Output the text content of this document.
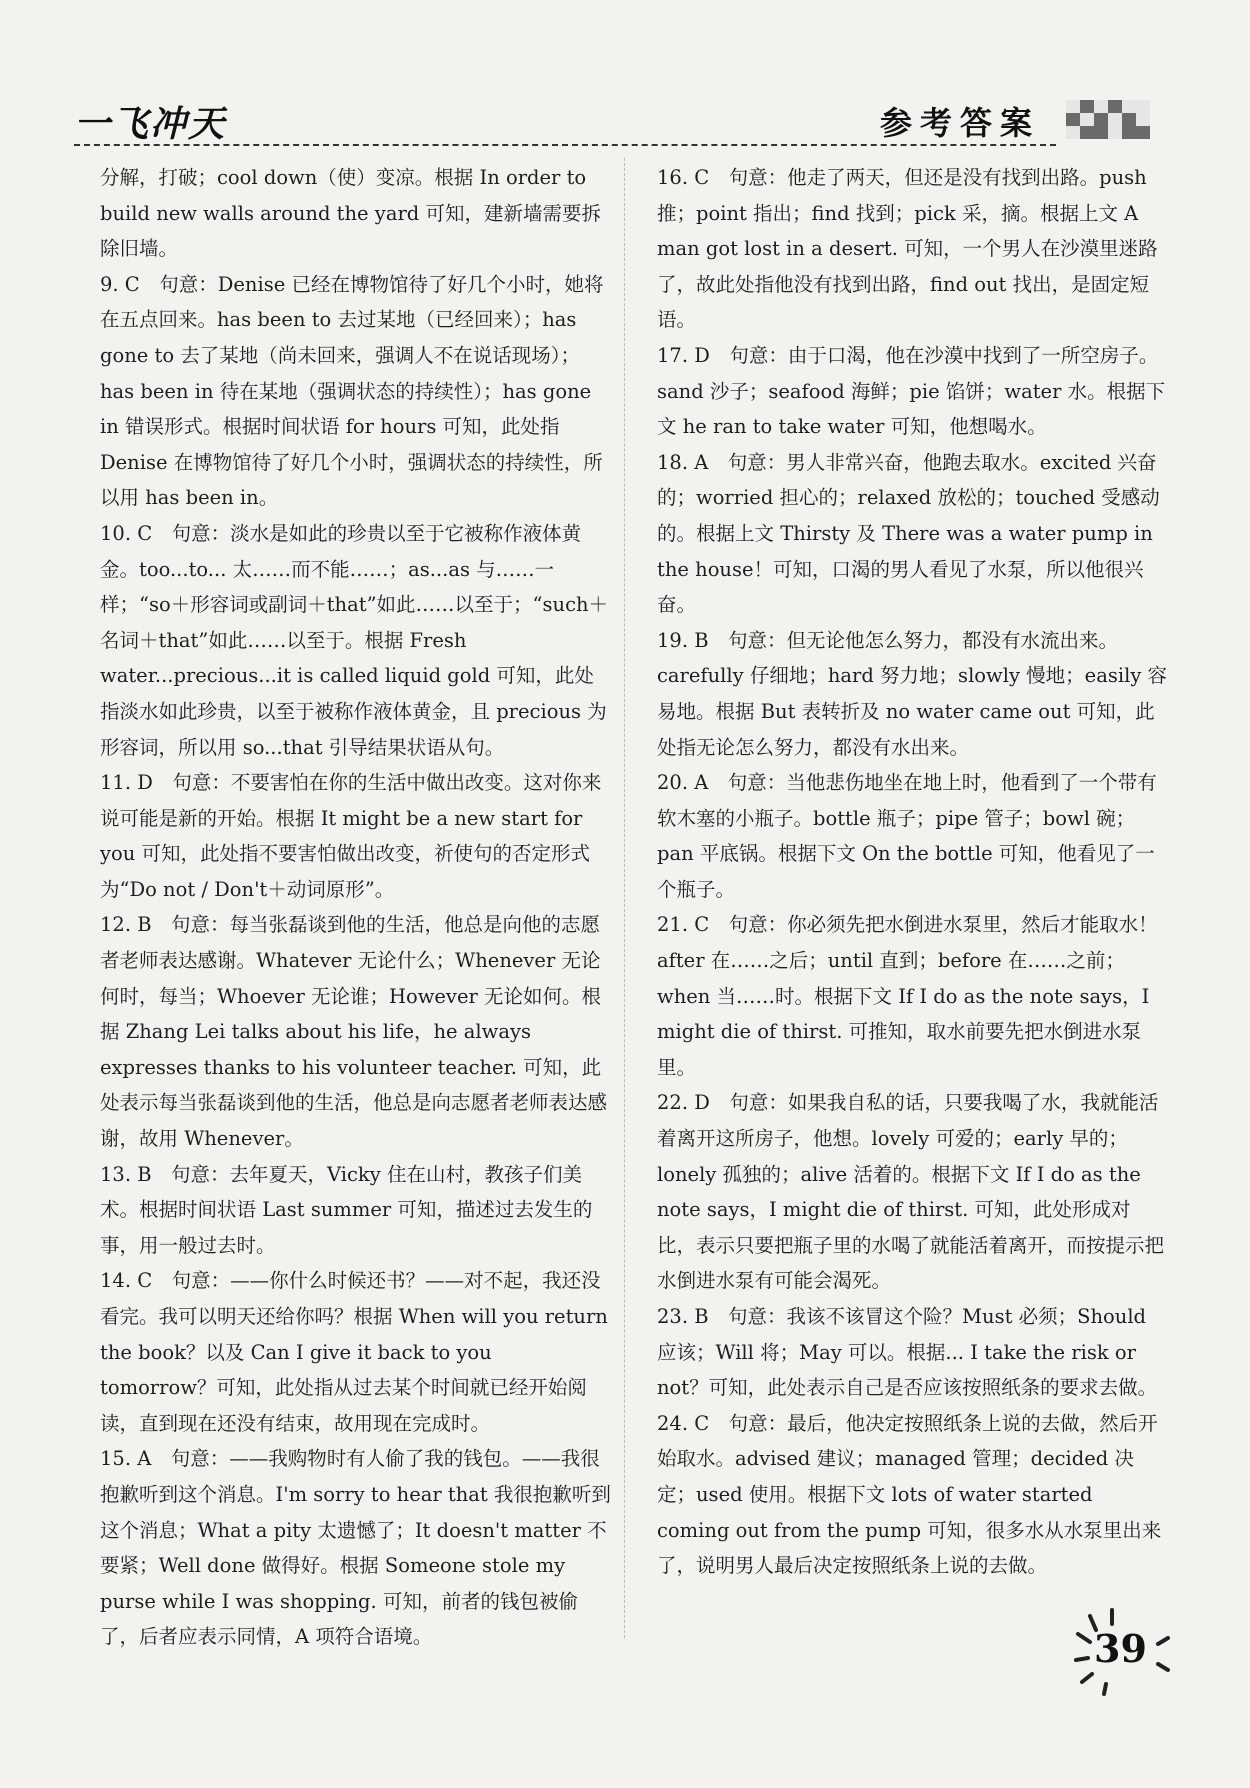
一飞冲天	参考答案

分解，打破；cool down（使）变凉。根据 In order to build new walls around the yard 可知，建新墙需要拆除旧墙。

9. C　句意：Denise 已经在博物馆待了好几个小时，她将在五点回来。has been to 去过某地（已经回来）；has gone to 去了某地（尚未回来，强调人不在说话现场）；has been in 待在某地（强调状态的持续性）；has gone in 错误形式。根据时间状语 for hours 可知，此处指 Denise 在博物馆待了好几个小时，强调状态的持续性，所以用 has been in。

10. C　句意：淡水是如此的珍贵以至于它被称作液体黄金。too...to... 太……而不能……；as...as 与……一样；“so＋形容词或副词＋that”如此……以至于；“such＋名词＋that”如此……以至于。根据 Fresh water...precious...it is called liquid gold 可知，此处指淡水如此珍贵，以至于被称作液体黄金，且 precious 为形容词，所以用 so...that 引导结果状语从句。

11. D　句意：不要害怕在你的生活中做出改变。这对你来说可能是新的开始。根据 It might be a new start for you 可知，此处指不要害怕做出改变，祈使句的否定形式为“Do not / Don't＋动词原形”。

12. B　句意：每当张磊谈到他的生活，他总是向他的志愿者老师表达感谢。Whatever 无论什么；Whenever 无论何时，每当；Whoever 无论谁；However 无论如何。根据 Zhang Lei talks about his life，he always expresses thanks to his volunteer teacher. 可知，此处表示每当张磊谈到他的生活，他总是向志愿者老师表达感谢，故用 Whenever。

13. B　句意：去年夏天，Vicky 住在山村，教孩子们美术。根据时间状语 Last summer 可知，描述过去发生的事，用一般过去时。

14. C　句意：——你什么时候还书？——对不起，我还没看完。我可以明天还给你吗？根据 When will you return the book？以及 Can I give it back to you tomorrow？可知，此处指从过去某个时间就已经开始阅读，直到现在还没有结束，故用现在完成时。

15. A　句意：——我购物时有人偷了我的钱包。——我很抱歉听到这个消息。I'm sorry to hear that 我很抱歉听到这个消息；What a pity 太遗憾了；It doesn't matter 不要紧；Well done 做得好。根据 Someone stole my purse while I was shopping. 可知，前者的钱包被偷了，后者应表示同情，A 项符合语境。

16. C　句意：他走了两天，但还是没有找到出路。push 推；point 指出；find 找到；pick 采，摘。根据上文 A man got lost in a desert. 可知，一个男人在沙漠里迷路了，故此处指他没有找到出路，find out 找出，是固定短语。

17. D　句意：由于口渴，他在沙漠中找到了一所空房子。sand 沙子；seafood 海鲜；pie 馅饼；water 水。根据下文 he ran to take water 可知，他想喝水。

18. A　句意：男人非常兴奋，他跑去取水。excited 兴奋的；worried 担心的；relaxed 放松的；touched 受感动的。根据上文 Thirsty 及 There was a water pump in the house！可知，口渴的男人看见了水泵，所以他很兴奋。

19. B　句意：但无论他怎么努力，都没有水流出来。carefully 仔细地；hard 努力地；slowly 慢地；easily 容易地。根据 But 表转折及 no water came out 可知，此处指无论怎么努力，都没有水出来。

20. A　句意：当他悲伤地坐在地上时，他看到了一个带有软木塞的小瓶子。bottle 瓶子；pipe 管子；bowl 碗；pan 平底锅。根据下文 On the bottle 可知，他看见了一个瓶子。

21. C　句意：你必须先把水倒进水泵里，然后才能取水！after 在……之后；until 直到；before 在……之前；when 当……时。根据下文 If I do as the note says，I might die of thirst. 可推知，取水前要先把水倒进水泵里。

22. D　句意：如果我自私的话，只要我喝了水，我就能活着离开这所房子，他想。lovely 可爱的；early 早的；lonely 孤独的；alive 活着的。根据下文 If I do as the note says，I might die of thirst. 可知，此处形成对比，表示只要把瓶子里的水喝了就能活着离开，而按提示把水倒进水泵有可能会渴死。

23. B　句意：我该不该冒这个险？Must 必须；Should 应该；Will 将；May 可以。根据... I take the risk or not？可知，此处表示自己是否应该按照纸条的要求去做。

24. C　句意：最后，他决定按照纸条上说的去做，然后开始取水。advised 建议；managed 管理；decided 决定；used 使用。根据下文 lots of water started coming out from the pump 可知，很多水从水泵里出来了，说明男人最后决定按照纸条上说的去做。

39
